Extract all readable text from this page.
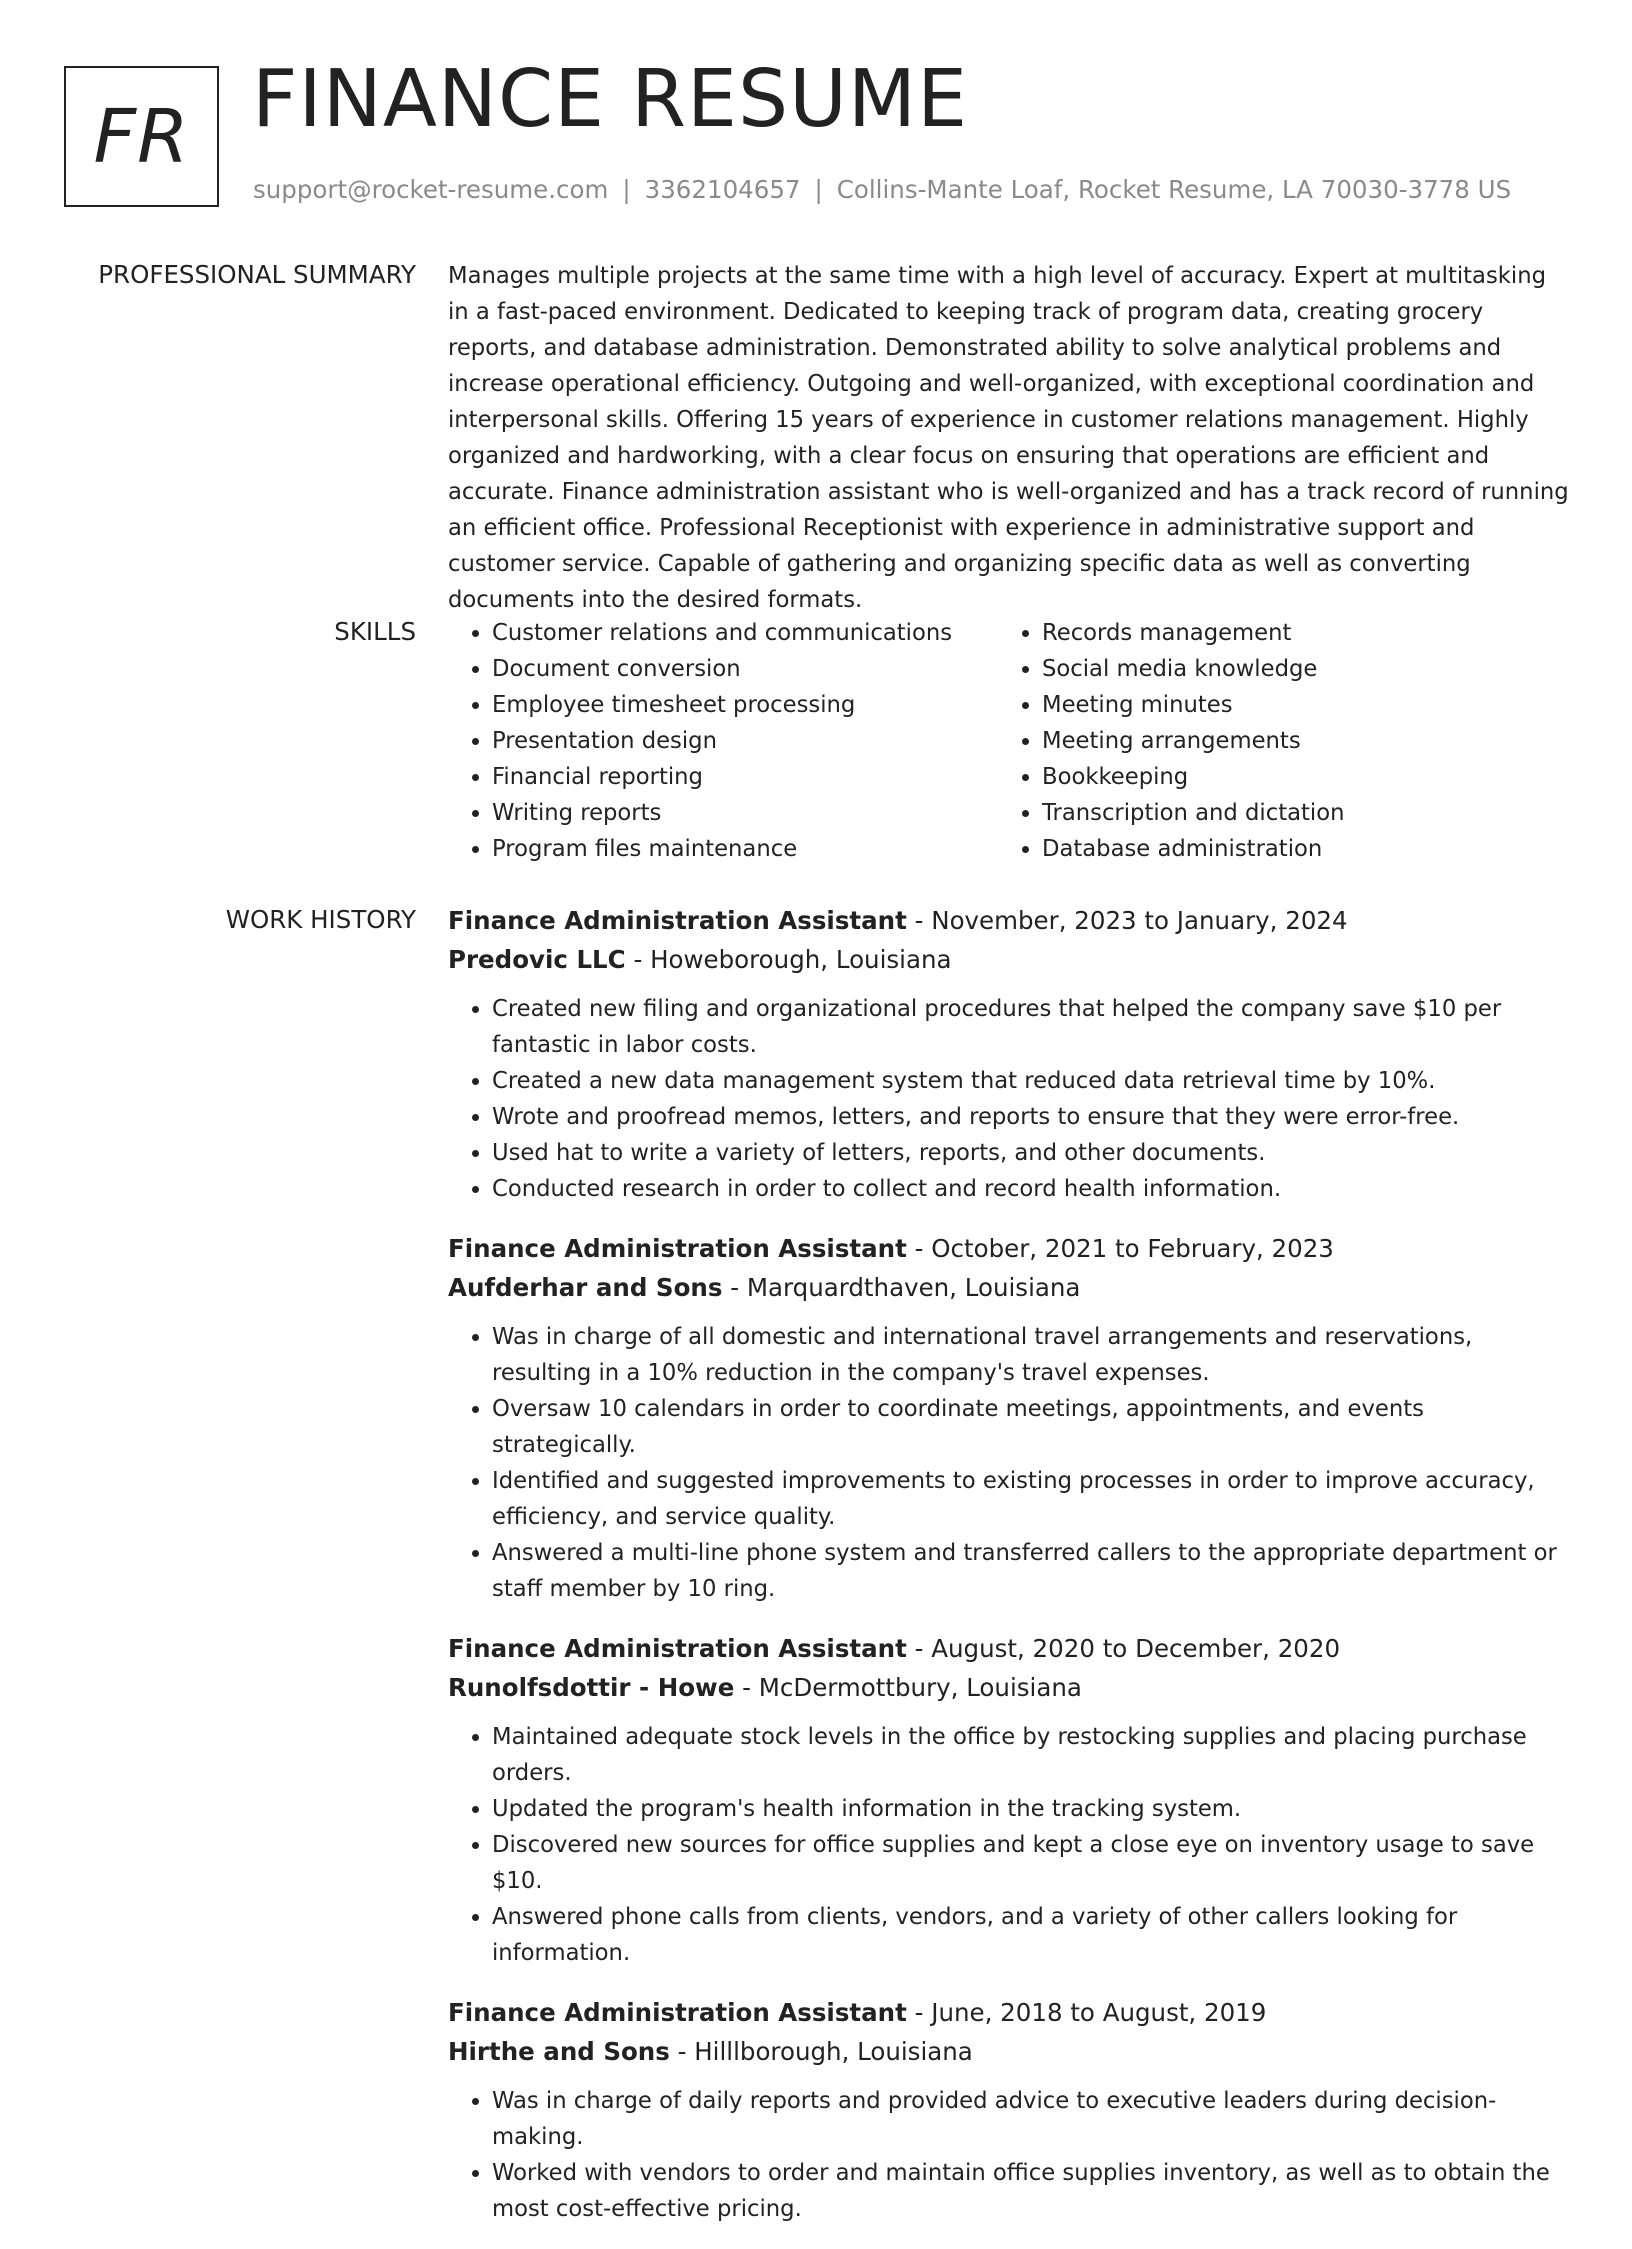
FR FINANCE RESUME
support@rocket-resume.com | 3362104657 | Collins-Mante Loaf, Rocket Resume, LA 70030-3778 US
PROFESSIONAL SUMMARY Manages multiple projects at the same time with a high level of accuracy. Expert at multitasking in a fast-paced environment. Dedicated to keeping track of program data, creating grocery reports, and database administration. Demonstrated ability to solve analytical problems and increase operational efficiency. Outgoing and well-organized, with exceptional coordination and interpersonal skills. Offering 15 years of experience in customer relations management. Highly organized and hardworking, with a clear focus on ensuring that operations are efficient and accurate. Finance administration assistant who is well-organized and has a track record of running an efficient office. Professional Receptionist with experience in administrative support and customer service. Capable of gathering and organizing specific data as well as converting documents into the desired formats.

SKILLS
•	Customer relations and communications
• Document conversion
• Employee timesheet processing
• Presentation design
• Financial reporting
• Writing reports
• Program files maintenance
• Records management
• Social media knowledge
• Meeting minutes
• Meeting arrangements
• Bookkeeping
• Transcription and dictation
• Database administration
WORK HISTORY Finance Administration Assistant - November, 2023 to January, 2024
Predovic LLC - Howeborough, Louisiana
• Created new filing and organizational procedures that helped the company save $10 per fantastic in labor costs.
• Created a new data management system that reduced data retrieval time by 10%.
• Wrote and proofread memos, letters, and reports to ensure that they were error-free.
• Used hat to write a variety of letters, reports, and other documents.
• Conducted research in order to collect and record health information.
Finance Administration Assistant - October, 2021 to February, 2023
Aufderhar and Sons - Marquardthaven, Louisiana
• Was in charge of all domestic and international travel arrangements and reservations, resulting in a 10% reduction in the company's travel expenses.
• Oversaw 10 calendars in order to coordinate meetings, appointments, and events strategically.
• Identified and suggested improvements to existing processes in order to improve accuracy, efficiency, and service quality.
• Answered a multi-line phone system and transferred callers to the appropriate department or staff member by 10 ring.
Finance Administration Assistant - August, 2020 to December, 2020
Runolfsdottir - Howe - McDermottbury, Louisiana
• Maintained adequate stock levels in the office by restocking supplies and placing purchase orders.
• Updated the program's health information in the tracking system.
• Discovered new sources for office supplies and kept a close eye on inventory usage to save $10.
• Answered phone calls from clients, vendors, and a variety of other callers looking for information.
Finance Administration Assistant - June, 2018 to August, 2019
Hirthe and Sons - Hilllborough, Louisiana
• Was in charge of daily reports and provided advice to executive leaders during decision-making.
• Worked with vendors to order and maintain office supplies inventory, as well as to obtain the most cost-effective pricing.
